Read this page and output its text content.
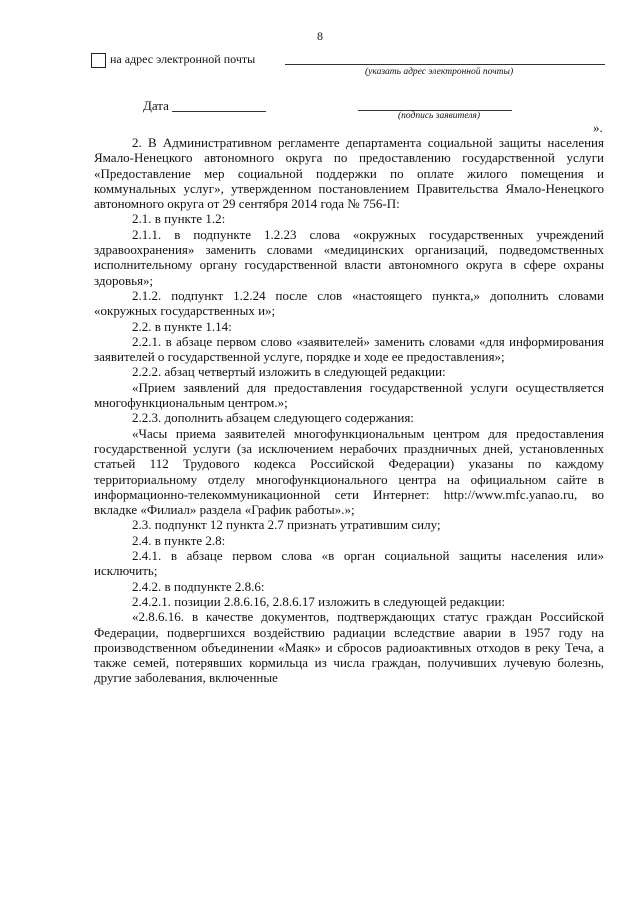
8
на адрес электронной почты
(указать адрес электронной почты)
Дата
(подпись заявителя)
».

2. В Административном регламенте департамента социальной защиты населения Ямало-Ненецкого автономного округа по предоставлению государственной услуги «Предоставление мер социальной поддержки по оплате жилого помещения и коммунальных услуг», утвержденном постановлением Правительства Ямало-Ненецкого автономного округа от 29 сентября 2014 года № 756-П:

2.1. в пункте 1.2:

2.1.1. в подпункте 1.2.23 слова «окружных государственных учреждений здравоохранения» заменить словами «медицинских организаций, подведомственных исполнительному органу государственной власти автономного округа в сфере охраны здоровья»;

2.1.2. подпункт 1.2.24 после слов «настоящего пункта,» дополнить словами «окружных государственных и»;

2.2. в пункте 1.14:

2.2.1. в абзаце первом слово «заявителей» заменить словами «для информирования заявителей о государственной услуге, порядке и ходе ее предоставления»;

2.2.2. абзац четвертый изложить в следующей редакции:

«Прием заявлений для предоставления государственной услуги осуществляется многофункциональным центром.»;

2.2.3. дополнить абзацем следующего содержания:

«Часы приема заявителей многофункциональным центром для предоставления государственной услуги (за исключением нерабочих праздничных дней, установленных статьей 112 Трудового кодекса Российской Федерации) указаны по каждому территориальному отделу многофункционального центра на официальном сайте в информационно-телекоммуникационной сети Интернет: http://www.mfc.yanao.ru, во вкладке «Филиал» раздела «График работы».»;

2.3. подпункт 12 пункта 2.7 признать утратившим силу;

2.4. в пункте 2.8:

2.4.1. в абзаце первом слова «в орган социальной защиты населения или» исключить;

2.4.2. в подпункте 2.8.6:

2.4.2.1. позиции 2.8.6.16, 2.8.6.17 изложить в следующей редакции:

«2.8.6.16. в качестве документов, подтверждающих статус граждан Российской Федерации, подвергшихся воздействию радиации вследствие аварии в 1957 году на производственном объединении «Маяк» и сбросов радиоактивных отходов в реку Теча, а также семей, потерявших кормильца из числа граждан, получивших лучевую болезнь, другие заболевания, включенные
